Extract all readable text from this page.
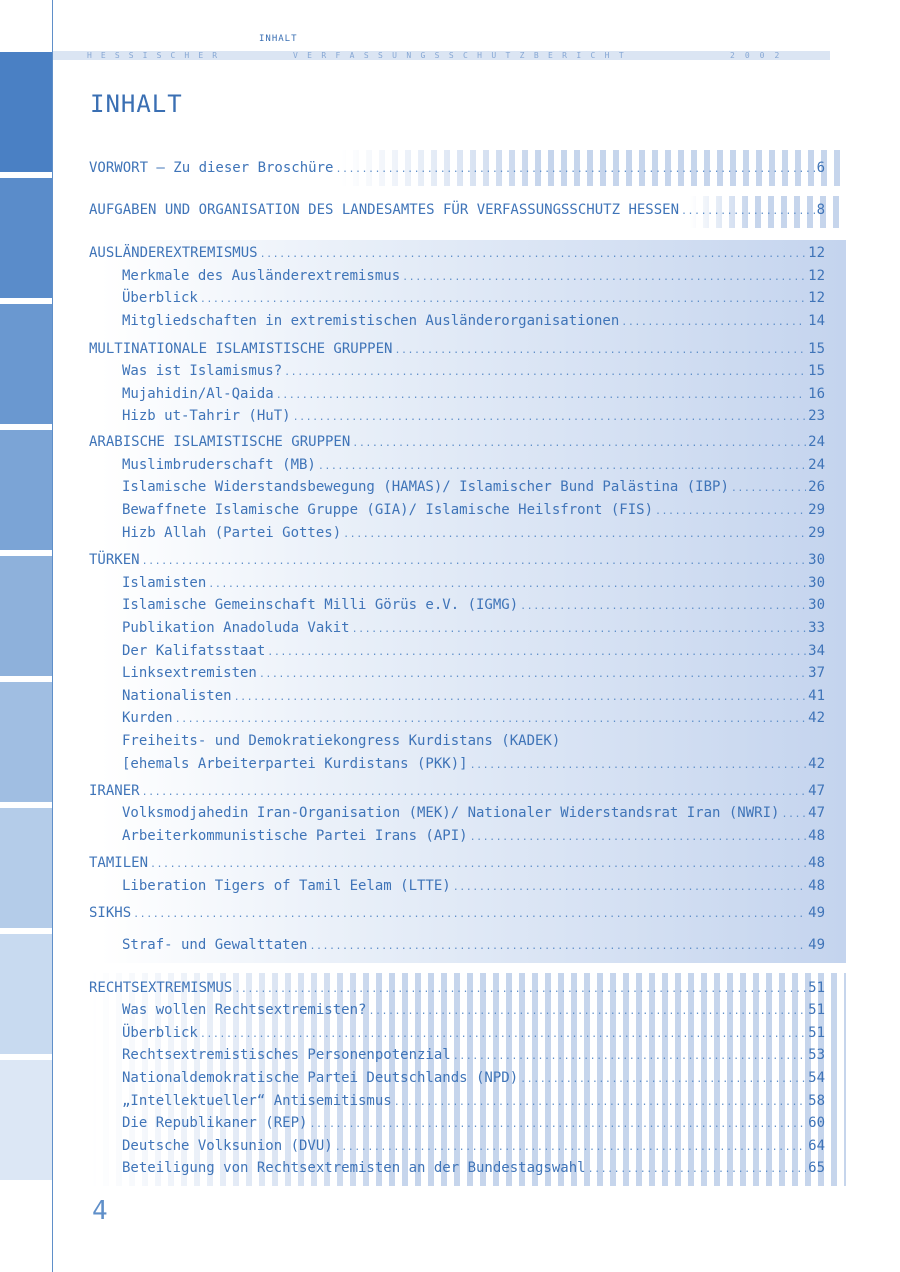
INHALT
HESSISCHER	VERFASSUNGSSCHUTZBERICHT	2002
INHALT
VORWORT – Zu dieser Broschüre .....	6
AUFGABEN UND ORGANISATION DES LANDESAMTES FÜR VERFASSUNGSSCHUTZ HESSEN .....	8
AUSLÄNDEREXTREMISMUS .....	12
Merkmale des Ausländerextremismus .....	12
Überblick .....	12
Mitgliedschaften in extremistischen Ausländerorganisationen .....	14
MULTINATIONALE ISLAMISTISCHE GRUPPEN .....	15
Was ist Islamismus? .....	15
Mujahidin/Al-Qaida .....	16
Hizb ut-Tahrir (HuT) .....	23
ARABISCHE ISLAMISTISCHE GRUPPEN .....	24
Muslimbruderschaft (MB) .....	24
Islamische Widerstandsbewegung (HAMAS)/ Islamischer Bund Palästina (IBP) .....	26
Bewaffnete Islamische Gruppe (GIA)/ Islamische Heilsfront (FIS) .....	29
Hizb Allah (Partei Gottes) .....	29
TÜRKEN .....	30
Islamisten .....	30
Islamische Gemeinschaft Milli Görüs e.V. (IGMG) .....	30
Publikation Anadoluda Vakit .....	33
Der Kalifatsstaat .....	34
Linksextremisten .....	37
Nationalisten .....	41
Kurden .....	42
Freiheits- und Demokratiekongress Kurdistans (KADEK)
[ehemals Arbeiterpartei Kurdistans (PKK)] .....	42
IRANER .....	47
Volksmodjahedin Iran-Organisation (MEK)/ Nationaler Widerstandsrat Iran (NWRI) ..... 47
Arbeiterkommunistische Partei Irans (API) .....	48
TAMILEN .....	48
Liberation Tigers of Tamil Eelam (LTTE) .....	48
SIKHS .....	49
Straf- und Gewalttaten .....	49
RECHTSEXTREMISMUS .....	51
Was wollen Rechtsextremisten? .....	51
Überblick .....	51
Rechtsextremistisches Personenpotenzial .....	53
Nationaldemokratische Partei Deutschlands (NPD) .....	54
„Intellektueller“ Antisemitismus .....	58
Die Republikaner (REP) .....	60
Deutsche Volksunion (DVU) .....	64
Beteiligung von Rechtsextremisten an der Bundestagswahl .....	65
4
